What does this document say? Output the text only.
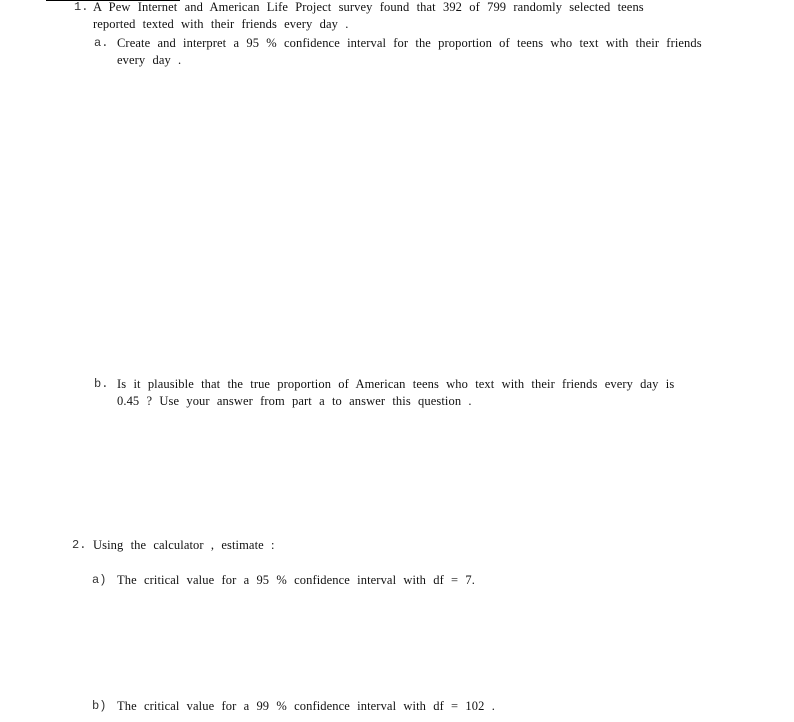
1. A Pew Internet and American Life Project survey found that 392 of 799 randomly selected teens
reported texted with their friends every day .
a. Create and interpret a 95 % confidence interval for the proportion of teens who text with their friends
every day .
b. Is it plausible that the true proportion of American teens who text with their friends every day is
0.45 ? Use your answer from part a to answer this question .
2. Using the calculator , estimate :
a) The critical value for a 95 % confidence interval with df = 7.
b) The critical value for a 99 % confidence interval with df = 102 .
